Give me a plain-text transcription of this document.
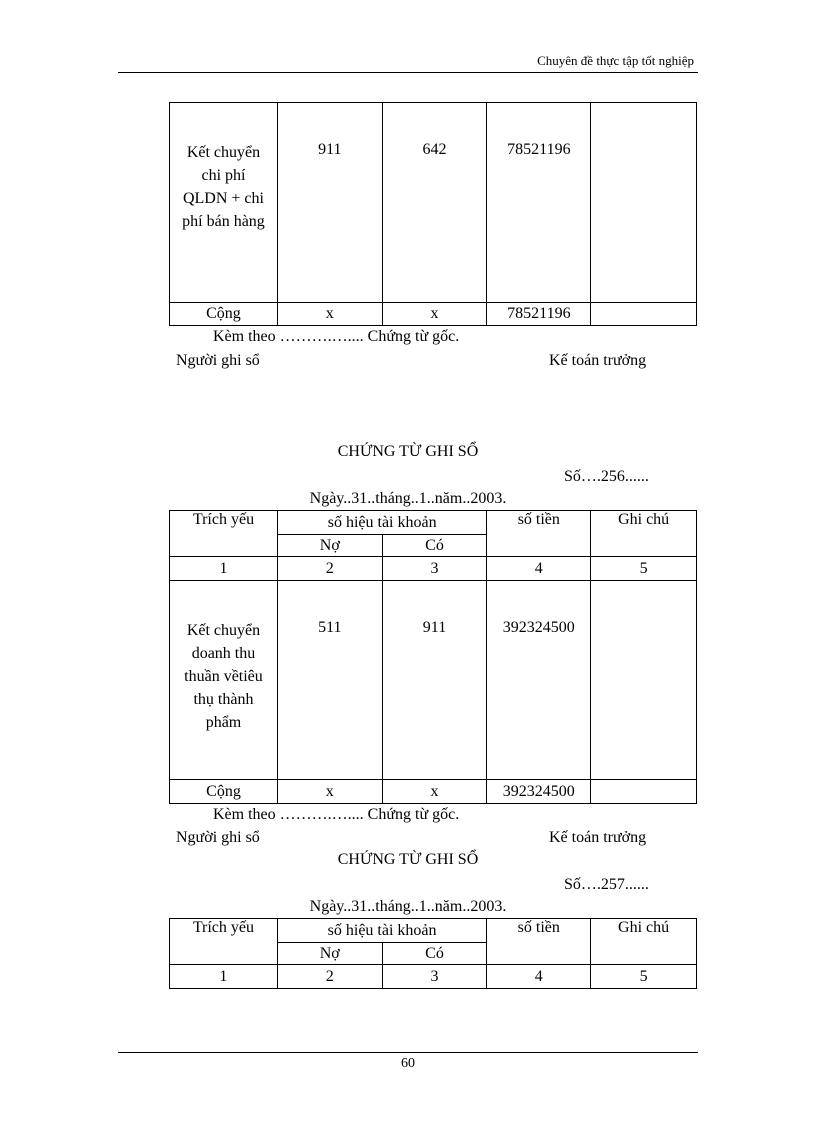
Chuyên đề thực tập tốt nghiệp
Kết chuyển chi phí QLDN + chi phí bán hàng	911	642	78521196	
Cộng	x	x	78521196	
Kèm theo ……….….... Chứng từ gốc.
Người ghi sổ	Kế toán trưởng
CHỨNG TỪ GHI SỔ
Số….256......
Ngày..31..tháng..1..năm..2003.
Trích yếu	số hiệu tài khoản		số tiền	Ghi chú
	Nợ	Có		
1	2	3	4	5

Kết chuyển doanh thu thuần vềtiêu thụ thành phẩm	511	911	392324500	
Cộng	x	x	392324500	
Kèm theo ……….….... Chứng từ gốc.
Người ghi sổ	Kế toán trưởng
CHỨNG TỪ GHI SỔ
Số….257......
Ngày..31..tháng..1..năm..2003.
Trích yếu	số hiệu tài khoản		số tiền	Ghi chú
	Nợ	Có		
1	2	3	4	5
60
